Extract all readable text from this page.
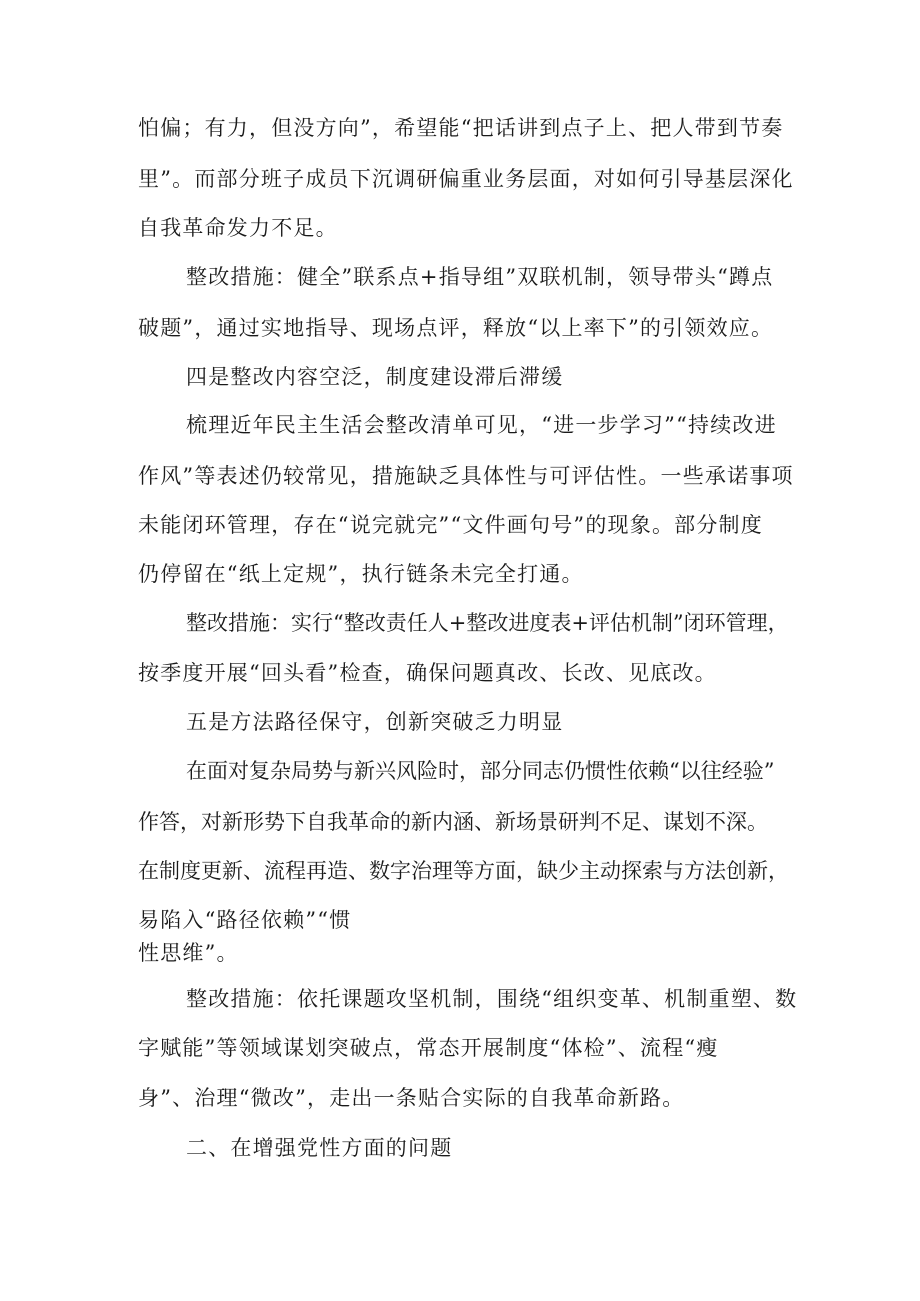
怕偏；有力，但没方向”，希望能“把话讲到点子上、把人带到节奏
里”。而部分班子成员下沉调研偏重业务层面，对如何引导基层深化
自我革命发力不足。
整改措施：健全”联系点+指导组”双联机制，领导带头“蹲点
破题”，通过实地指导、现场点评，释放“以上率下”的引领效应。
四是整改内容空泛，制度建设滞后滞缓
梳理近年民主生活会整改清单可见，“进一步学习”“持续改进
作风”等表述仍较常见，措施缺乏具体性与可评估性。一些承诺事项
未能闭环管理，存在“说完就完”“文件画句号”的现象。部分制度
仍停留在“纸上定规”，执行链条未完全打通。
整改措施：实行“整改责任人+整改进度表+评估机制”闭环管理，
按季度开展“回头看”检查，确保问题真改、长改、见底改。
五是方法路径保守，创新突破乏力明显
在面对复杂局势与新兴风险时，部分同志仍惯性依赖“以往经验”
作答，对新形势下自我革命的新内涵、新场景研判不足、谋划不深。
在制度更新、流程再造、数字治理等方面，缺少主动探索与方法创新，
易陷入“路径依赖”“惯
性思维”。
整改措施：依托课题攻坚机制，围绕“组织变革、机制重塑、数
字赋能”等领域谋划突破点，常态开展制度“体检”、流程“瘦
身”、治理“微改”，走出一条贴合实际的自我革命新路。
二、在增强党性方面的问题
